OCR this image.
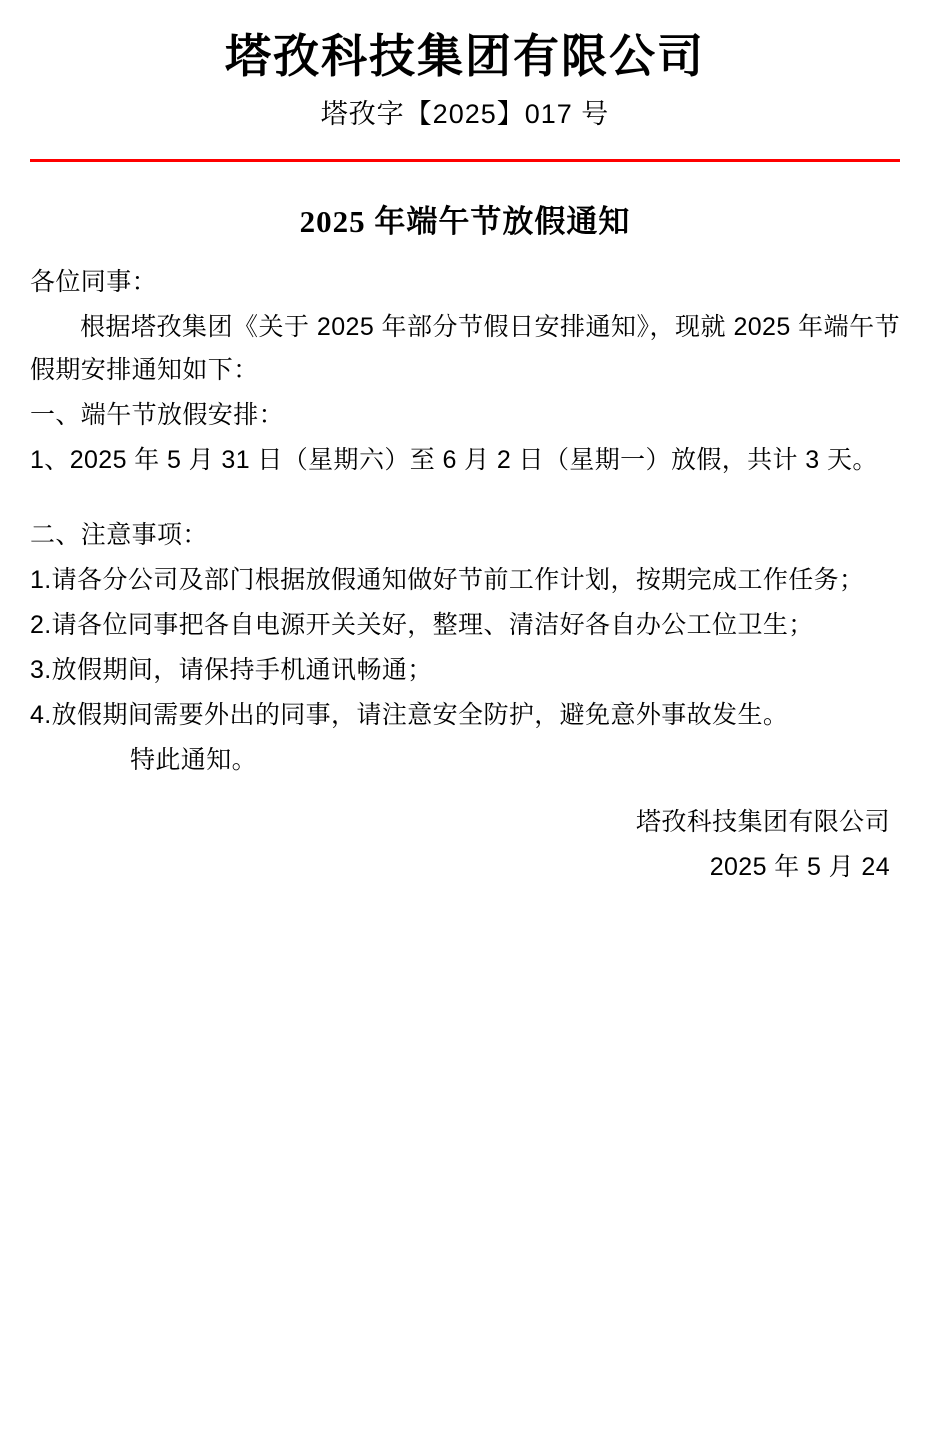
塔孜科技集团有限公司
塔孜字【2025】017 号
2025 年端午节放假通知

各位同事：

根据塔孜集团《关于 2025 年部分节假日安排通知》，现就 2025 年端午节假期安排通知如下：

一、端午节放假安排：

1、2025 年 5 月 31 日（星期六）至 6 月 2 日（星期一）放假，共计 3 天。

二、注意事项：

1.请各分公司及部门根据放假通知做好节前工作计划，按期完成工作任务；

2.请各位同事把各自电源开关关好，整理、清洁好各自办公工位卫生；

3.放假期间，请保持手机通讯畅通；

4.放假期间需要外出的同事，请注意安全防护，避免意外事故发生。

特此通知。

塔孜科技集团有限公司
2025 年 5 月 24
